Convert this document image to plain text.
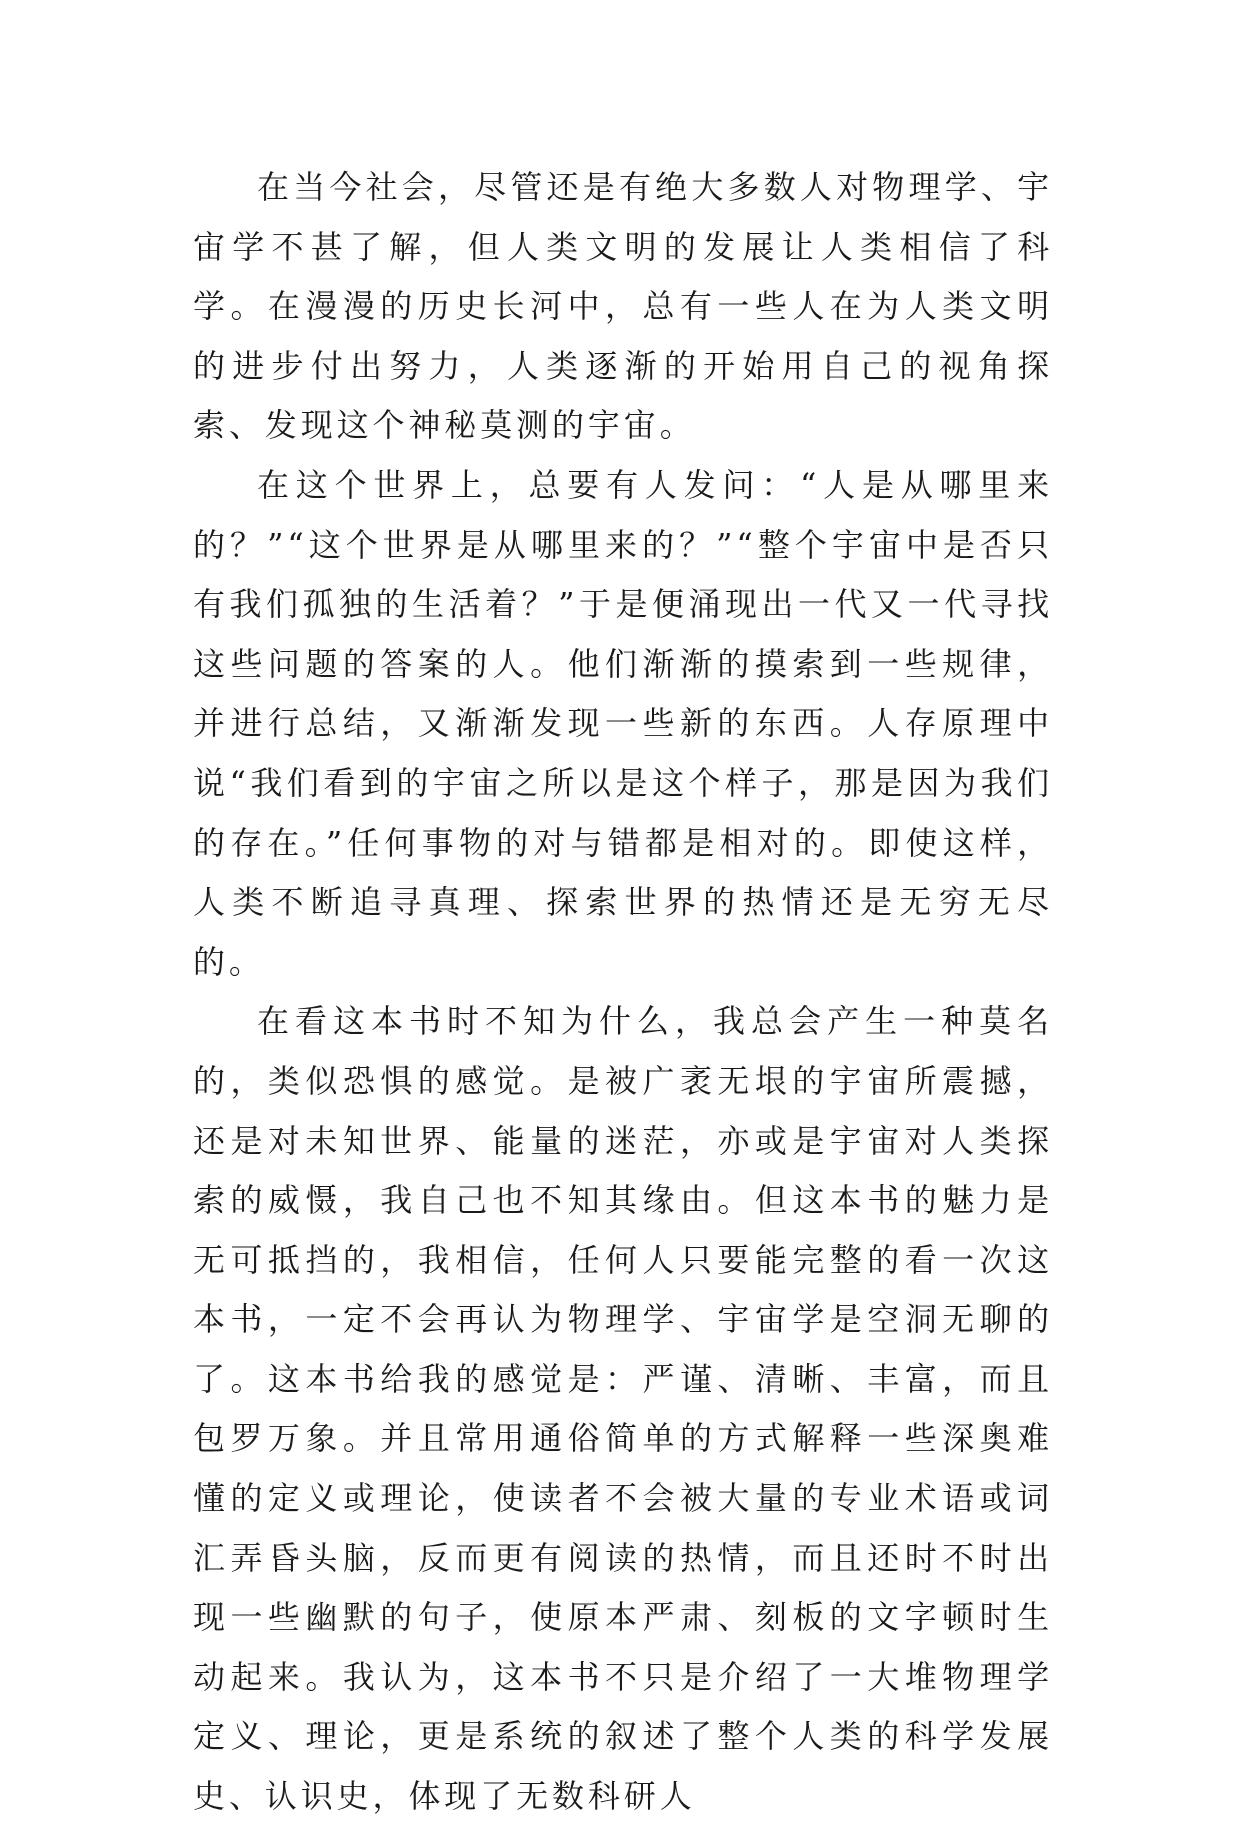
在当今社会，尽管还是有绝大多数人对物理学、宇宙学不甚了解，但人类文明的发展让人类相信了科学。在漫漫的历史长河中，总有一些人在为人类文明的进步付出努力，人类逐渐的开始用自己的视角探索、发现这个神秘莫测的宇宙。

在这个世界上，总要有人发问：“人是从哪里来的？”“这个世界是从哪里来的？”“整个宇宙中是否只有我们孤独的生活着？”于是便涌现出一代又一代寻找这些问题的答案的人。他们渐渐的摸索到一些规律，并进行总结，又渐渐发现一些新的东西。人存原理中说“我们看到的宇宙之所以是这个样子，那是因为我们的存在。”任何事物的对与错都是相对的。即使这样，人类不断追寻真理、探索世界的热情还是无穷无尽的。

在看这本书时不知为什么，我总会产生一种莫名的，类似恐惧的感觉。是被广袤无垠的宇宙所震撼，还是对未知世界、能量的迷茫，亦或是宇宙对人类探索的威慑，我自己也不知其缘由。但这本书的魅力是无可抵挡的，我相信，任何人只要能完整的看一次这本书，一定不会再认为物理学、宇宙学是空洞无聊的了。这本书给我的感觉是：严谨、清晰、丰富，而且包罗万象。并且常用通俗简单的方式解释一些深奥难懂的定义或理论，使读者不会被大量的专业术语或词汇弄昏头脑，反而更有阅读的热情，而且还时不时出现一些幽默的句子，使原本严肃、刻板的文字顿时生动起来。我认为，这本书不只是介绍了一大堆物理学定义、理论，更是系统的叙述了整个人类的科学发展史、认识史，体现了无数科研人
